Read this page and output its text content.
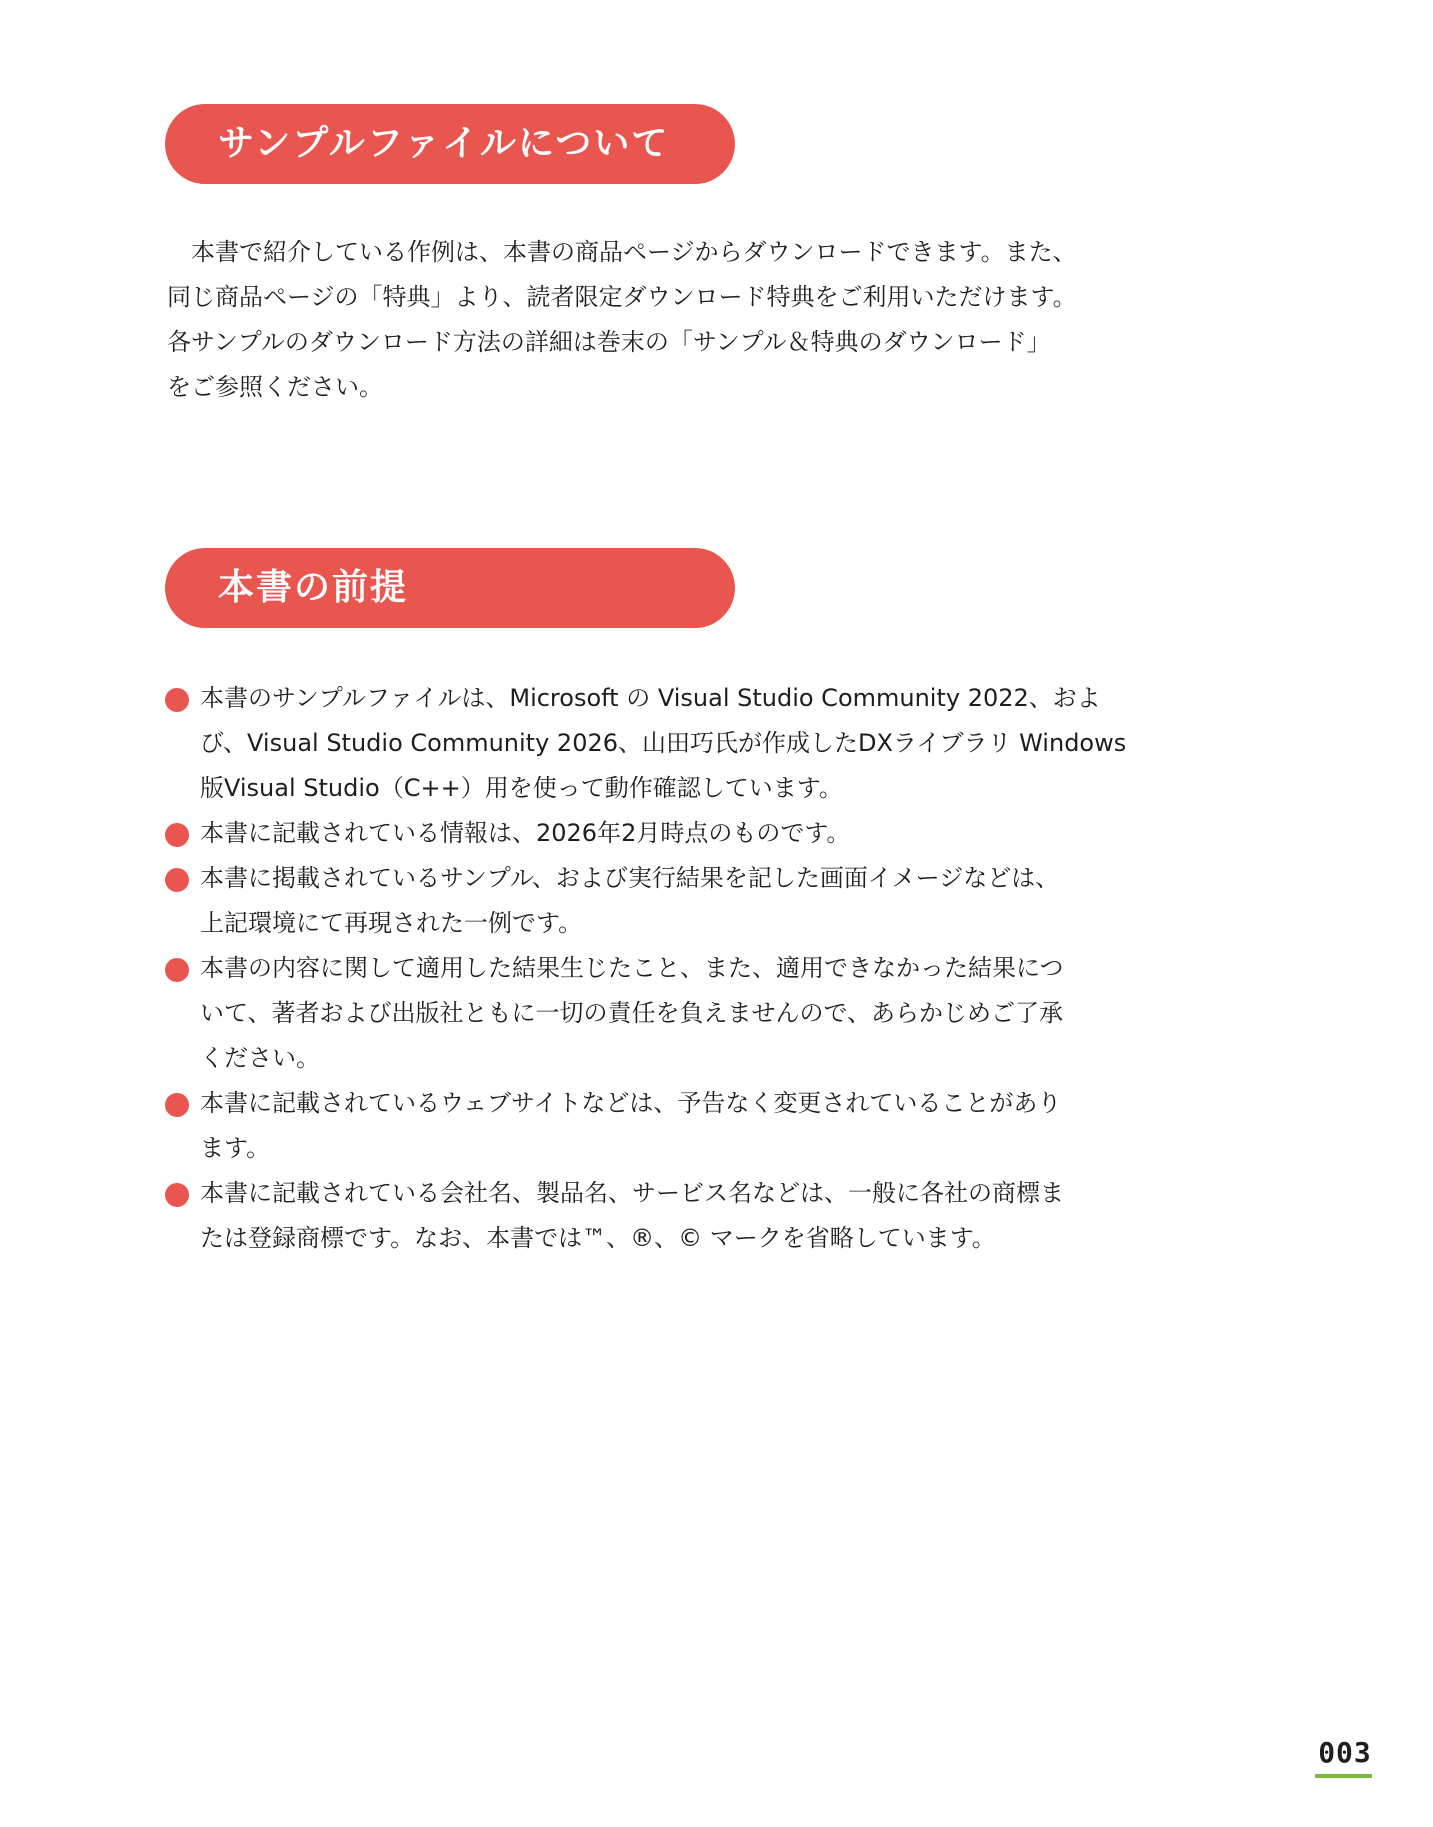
サンプルファイルについて

本書で紹介している作例は、本書の商品ページからダウンロードできます。また、
同じ商品ページの「特典」より、読者限定ダウンロード特典をご利用いただけます。
各サンプルのダウンロード方法の詳細は巻末の「サンプル＆特典のダウンロード」
をご参照ください。

本書の前提
本書のサンプルファイルは、Microsoft の Visual Studio Community 2022、およ
び、Visual Studio Community 2026、山田巧氏が作成したDXライブラリ Windows
版Visual Studio（C++）用を使って動作確認しています。
本書に記載されている情報は、2026年2月時点のものです。
本書に掲載されているサンプル、および実行結果を記した画面イメージなどは、
上記環境にて再現された一例です。
本書の内容に関して適用した結果生じたこと、また、適用できなかった結果につ
いて、著者および出版社ともに一切の責任を負えませんので、あらかじめご了承
ください。
本書に記載されているウェブサイトなどは、予告なく変更されていることがあり
ます。
本書に記載されている会社名、製品名、サービス名などは、一般に各社の商標ま
たは登録商標です。なお、本書では™、®、© マークを省略しています。
003
